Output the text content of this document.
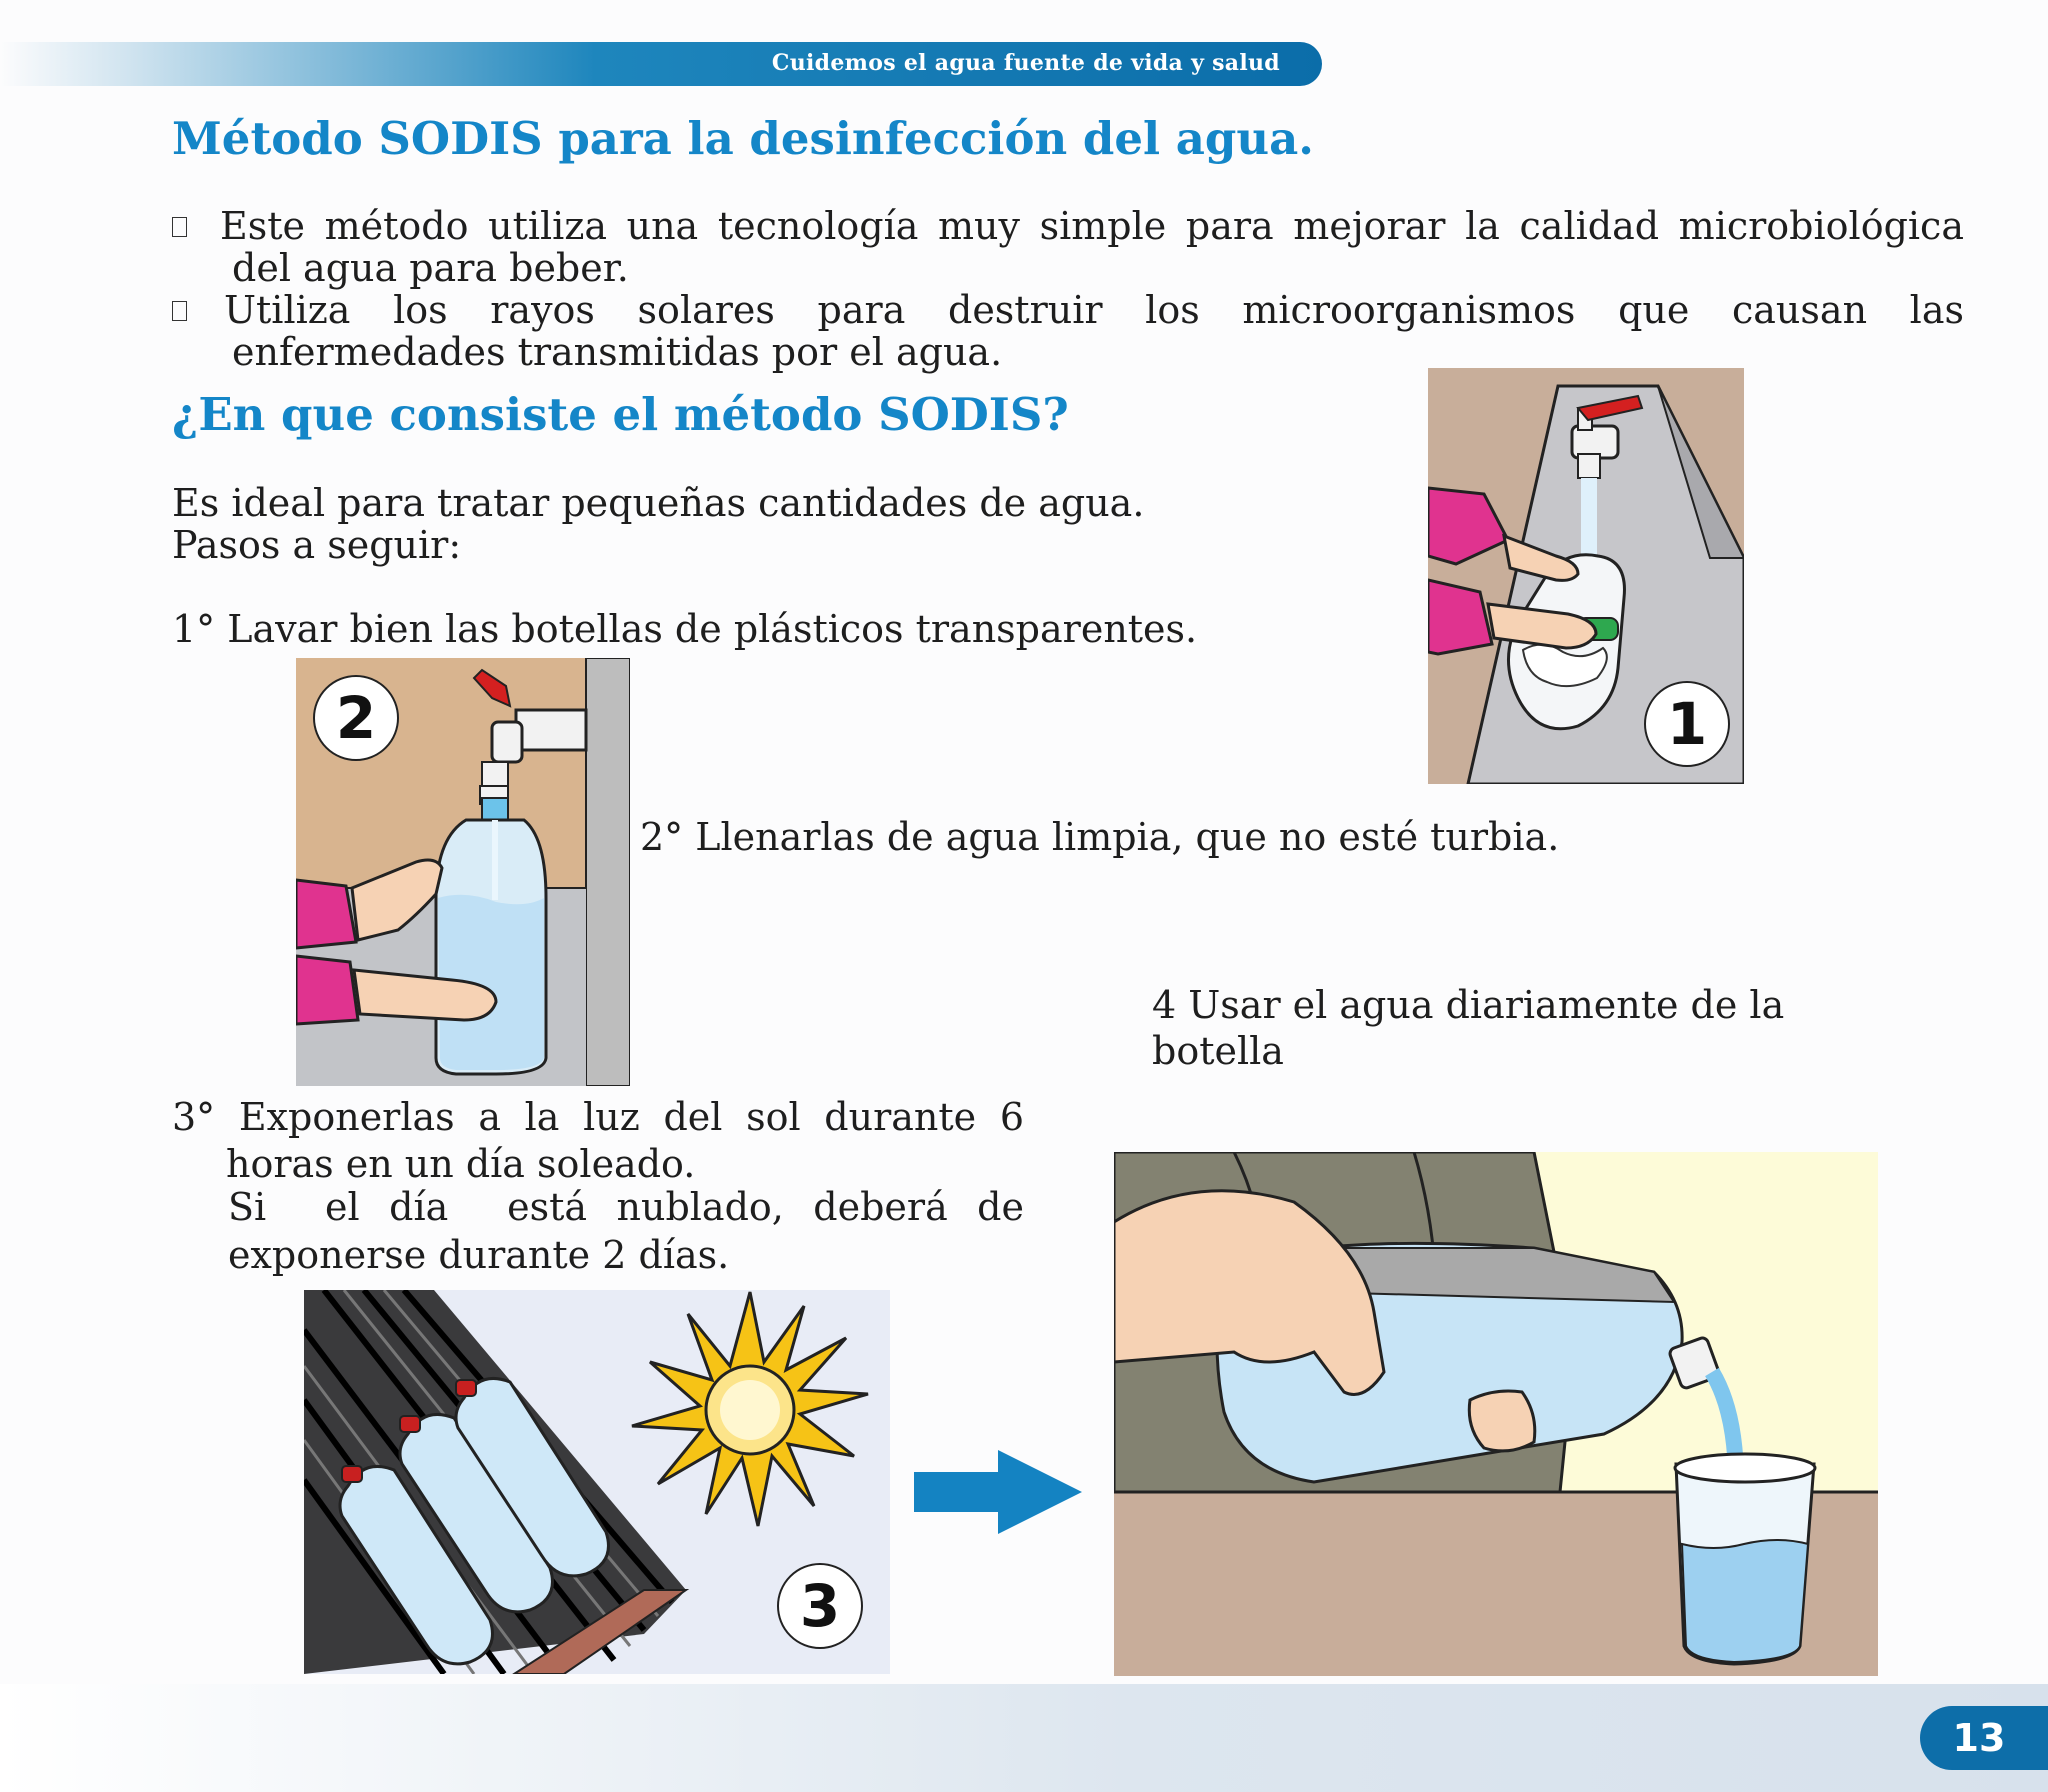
Cuidemos el agua fuente de vida y salud
Método SODIS para la desinfección del agua.
Este método utiliza una tecnología muy simple para mejorar la calidad microbiológica
del agua para beber.
Utiliza los rayos solares para destruir los microorganismos que causan las
enfermedades transmitidas por el agua.
¿En que consiste el método SODIS?
Es ideal para tratar pequeñas cantidades de agua.
Pasos a seguir:
1° Lavar bien las botellas de plásticos transparentes.
2° Llenarlas de agua limpia, que no esté turbia.
4 Usar el agua diariamente de la
botella
3° Exponerlas a la luz del sol durante 6
horas en un día soleado.
Si  el día  está nublado, deberá de
exponerse durante 2 días.
1
2
3
13
